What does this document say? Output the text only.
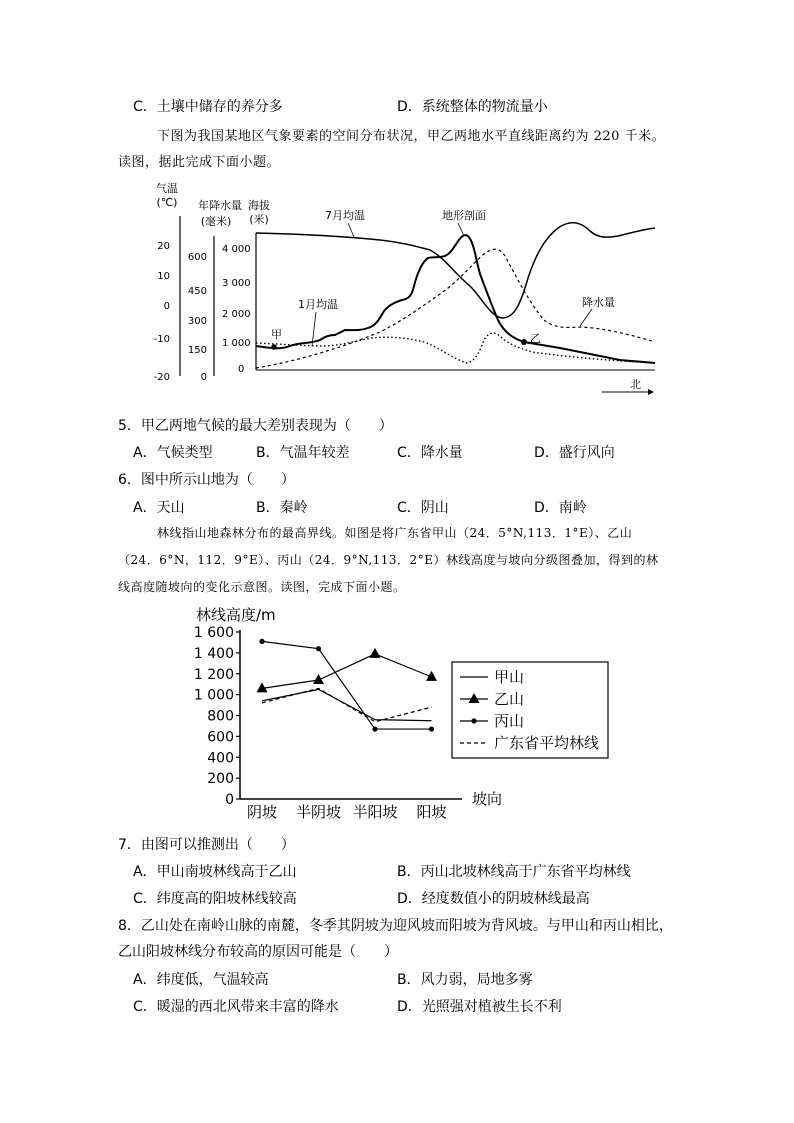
C．土壤中储存的养分多	D．系统整体的物流量小
下图为我国某地区气象要素的空间分布状况，甲乙两地水平直线距离约为 220 千米。
读图，据此完成下面小题。
气温
(℃) 年降水量
(毫米)
海拔
(米)
20
10
0
-10
-20
600
450
300
150
0
4 000
3 000
2 000
1 000
0
7月均温	地形剖面
1月均温	降水量
甲	乙
北
5．甲乙两地气候的最大差别表现为（　　）
A．气候类型	B．气温年较差	C．降水量	D．盛行风向
6．图中所示山地为（　　）
A．天山	B．秦岭	C．阴山	D．南岭
林线指山地森林分布的最高界线。如图是将广东省甲山（24．5°N,113．1°E）、乙山
（24．6°N，112．9°E）、丙山（24．9°N,113．2°E）林线高度与坡向分级图叠加，得到的林
线高度随坡向的变化示意图。读图，完成下面小题。
林线高度/m
1 600
1 400
1 200
1 000
800
600
400
200
0
阴坡 半阴坡 半阳坡 阳坡
坡向
甲山
乙山
丙山
广东省平均林线
7．由图可以推测出（　　）
A．甲山南坡林线高于乙山	B．丙山北坡林线高于广东省平均林线
C．纬度高的阳坡林线较高	D．经度数值小的阴坡林线最高
8．乙山处在南岭山脉的南麓，冬季其阴坡为迎风坡而阳坡为背风坡。与甲山和丙山相比，
乙山阳坡林线分布较高的原因可能是（　　）
A．纬度低，气温较高	B．风力弱，局地多雾
C．暖湿的西北风带来丰富的降水	D．光照强对植被生长不利
